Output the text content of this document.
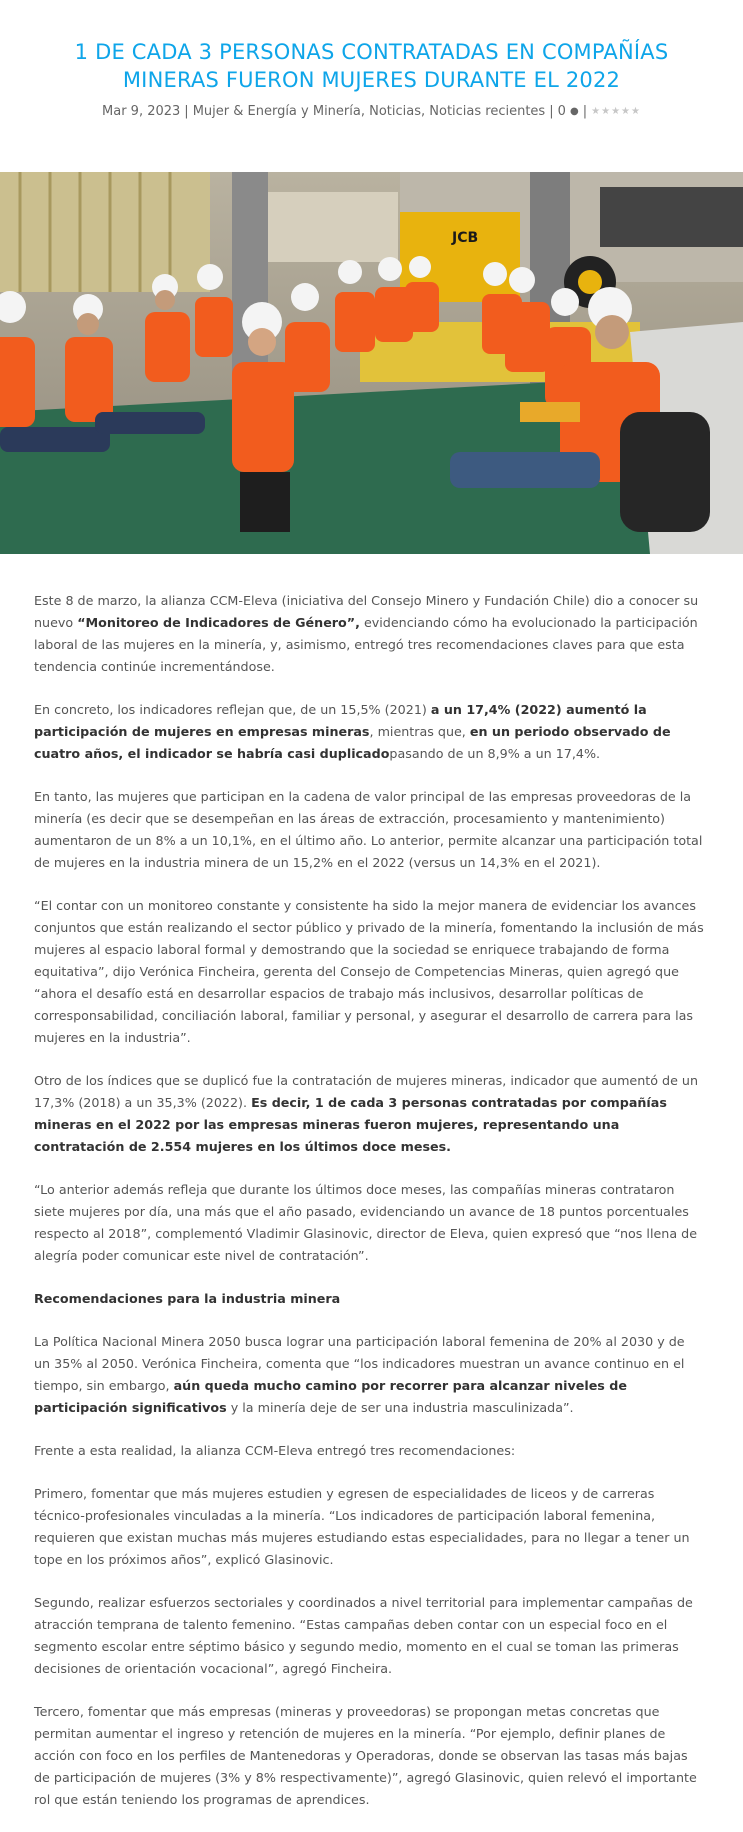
1 DE CADA 3 PERSONAS CONTRATADAS EN COMPAÑÍAS
MINERAS FUERON MUJERES DURANTE EL 2022
Mar 9, 2023 | Mujer & Energía y Minería, Noticias, Noticias recientes | 0 ● | ★★★★★
JCB

Este 8 de marzo, la alianza CCM-Eleva (iniciativa del Consejo Minero y Fundación Chile) dio a conocer su nuevo “Monitoreo de Indicadores de Género”, evidenciando cómo ha evolucionado la participación laboral de las mujeres en la minería, y, asimismo, entregó tres recomendaciones claves para que esta tendencia continúe incrementándose.

En concreto, los indicadores reflejan que, de un 15,5% (2021) a un 17,4% (2022) aumentó la participación de mujeres en empresas mineras, mientras que, en un periodo observado de cuatro años, el indicador se habría casi duplicadopasando de un 8,9% a un 17,4%.

En tanto, las mujeres que participan en la cadena de valor principal de las empresas proveedoras de la minería (es decir que se desempeñan en las áreas de extracción, procesamiento y mantenimiento) aumentaron de un 8% a un 10,1%, en el último año. Lo anterior, permite alcanzar una participación total de mujeres en la industria minera de un 15,2% en el 2022 (versus un 14,3% en el 2021).

“El contar con un monitoreo constante y consistente ha sido la mejor manera de evidenciar los avances conjuntos que están realizando el sector público y privado de la minería, fomentando la inclusión de más mujeres al espacio laboral formal y demostrando que la sociedad se enriquece trabajando de forma equitativa”, dijo Verónica Fincheira, gerenta del Consejo de Competencias Mineras, quien agregó que “ahora el desafío está en desarrollar espacios de trabajo más inclusivos, desarrollar políticas de corresponsabilidad, conciliación laboral, familiar y personal, y asegurar el desarrollo de carrera para las mujeres en la industria”.

Otro de los índices que se duplicó fue la contratación de mujeres mineras, indicador que aumentó de un 17,3% (2018) a un 35,3% (2022). Es decir, 1 de cada 3 personas contratadas por compañías mineras en el 2022 por las empresas mineras fueron mujeres, representando una contratación de 2.554 mujeres en los últimos doce meses.

“Lo anterior además refleja que durante los últimos doce meses, las compañías mineras contrataron siete mujeres por día, una más que el año pasado, evidenciando un avance de 18 puntos porcentuales respecto al 2018”, complementó Vladimir Glasinovic, director de Eleva, quien expresó que “nos llena de alegría poder comunicar este nivel de contratación”.

Recomendaciones para la industria minera

La Política Nacional Minera 2050 busca lograr una participación laboral femenina de 20% al 2030 y de un 35% al 2050. Verónica Fincheira, comenta que “los indicadores muestran un avance continuo en el tiempo, sin embargo, aún queda mucho camino por recorrer para alcanzar niveles de participación significativos y la minería deje de ser una industria masculinizada”.

Frente a esta realidad, la alianza CCM-Eleva entregó tres recomendaciones:

Primero, fomentar que más mujeres estudien y egresen de especialidades de liceos y de carreras técnico-profesionales vinculadas a la minería. “Los indicadores de participación laboral femenina, requieren que existan muchas más mujeres estudiando estas especialidades, para no llegar a tener un tope en los próximos años”, explicó Glasinovic.

Segundo, realizar esfuerzos sectoriales y coordinados a nivel territorial para implementar campañas de atracción temprana de talento femenino. “Estas campañas deben contar con un especial foco en el segmento escolar entre séptimo básico y segundo medio, momento en el cual se toman las primeras decisiones de orientación vocacional”, agregó Fincheira.

Tercero, fomentar que más empresas (mineras y proveedoras) se propongan metas concretas que permitan aumentar el ingreso y retención de mujeres en la minería. “Por ejemplo, definir planes de acción con foco en los perfiles de Mantenedoras y Operadoras, donde se observan las tasas más bajas de participación de mujeres (3% y 8% respectivamente)”, agregó Glasinovic, quien relevó el importante rol que están teniendo los programas de aprendices.
